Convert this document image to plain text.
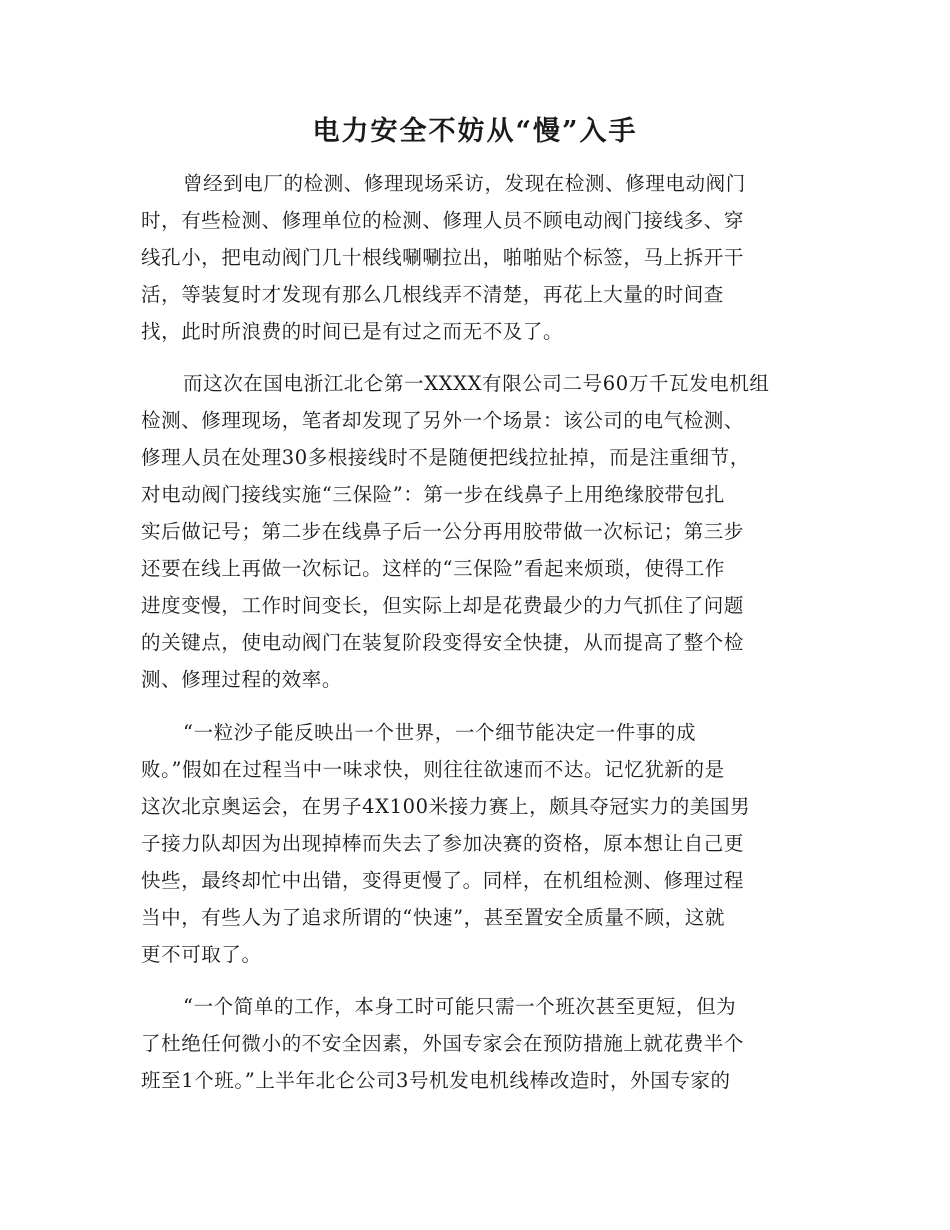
电力安全不妨从“慢”入手
曾经到电厂的检测、修理现场采访，发现在检测、修理电动阀门
时，有些检测、修理单位的检测、修理人员不顾电动阀门接线多、穿
线孔小，把电动阀门几十根线唰唰拉出，啪啪贴个标签，马上拆开干
活，等装复时才发现有那么几根线弄不清楚，再花上大量的时间查
找，此时所浪费的时间已是有过之而无不及了。
而这次在国电浙江北仑第一XXXX有限公司二号60万千瓦发电机组
检测、修理现场，笔者却发现了另外一个场景：该公司的电气检测、
修理人员在处理30多根接线时不是随便把线拉扯掉，而是注重细节，
对电动阀门接线实施“三保险”：第一步在线鼻子上用绝缘胶带包扎
实后做记号；第二步在线鼻子后一公分再用胶带做一次标记；第三步
还要在线上再做一次标记。这样的“三保险”看起来烦琐，使得工作
进度变慢，工作时间变长，但实际上却是花费最少的力气抓住了问题
的关键点，使电动阀门在装复阶段变得安全快捷，从而提高了整个检
测、修理过程的效率。
“一粒沙子能反映出一个世界，一个细节能决定一件事的成
败。”假如在过程当中一味求快，则往往欲速而不达。记忆犹新的是
这次北京奥运会，在男子4X100米接力赛上，颇具夺冠实力的美国男
子接力队却因为出现掉棒而失去了参加决赛的资格，原本想让自己更
快些，最终却忙中出错，变得更慢了。同样，在机组检测、修理过程
当中，有些人为了追求所谓的“快速”，甚至置安全质量不顾，这就
更不可取了。
“一个简单的工作，本身工时可能只需一个班次甚至更短，但为
了杜绝任何微小的不安全因素，外国专家会在预防措施上就花费半个
班至1个班。”上半年北仑公司3号机发电机线棒改造时，外国专家的
